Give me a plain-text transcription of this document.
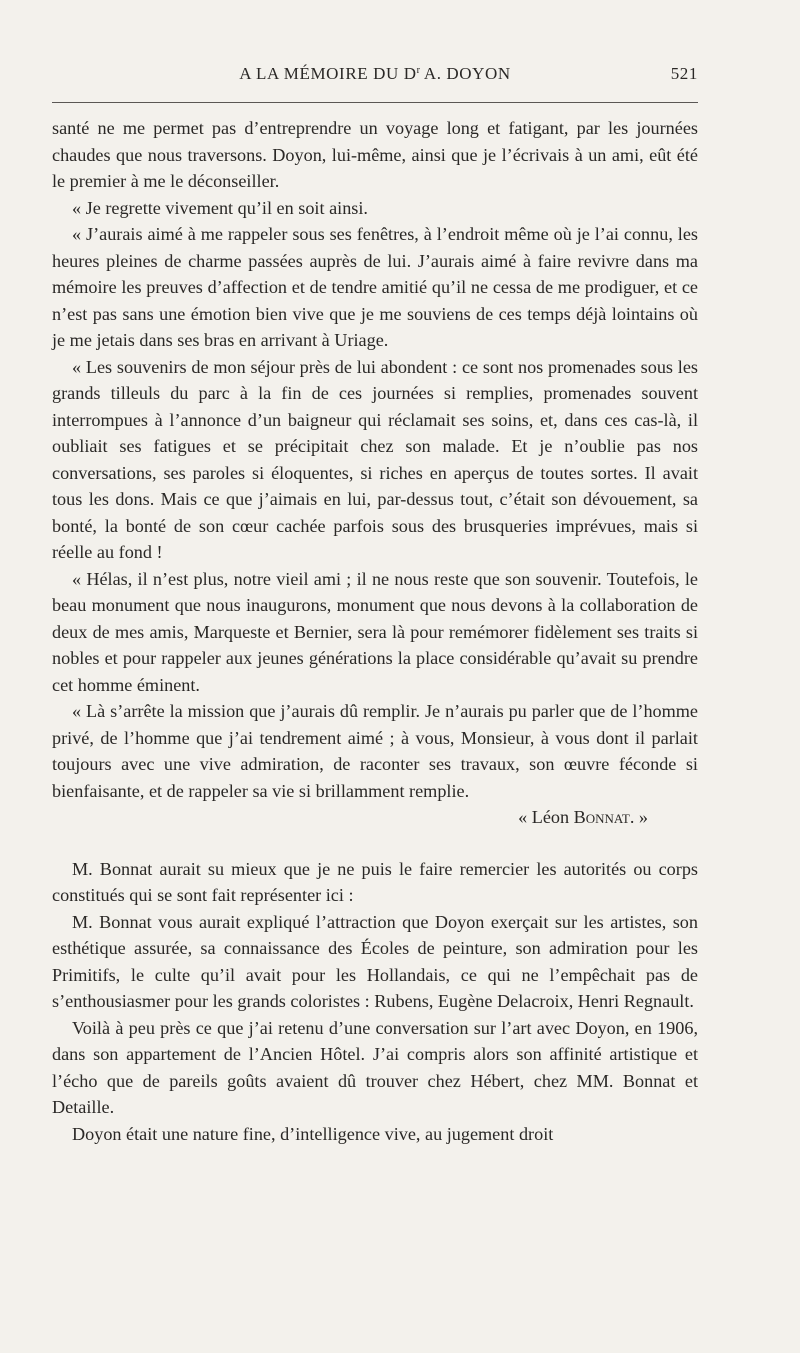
A LA MÉMOIRE DU $D^r$ A. DOYON	521

santé ne me permet pas d’entreprendre un voyage long et fatigant, par les journées chaudes que nous traversons. Doyon, lui-même, ainsi que je l’écrivais à un ami, eût été le premier à me le déconseiller.

« Je regrette vivement qu’il en soit ainsi.

« J’aurais aimé à me rappeler sous ses fenêtres, à l’endroit même où je l’ai connu, les heures pleines de charme passées auprès de lui. J’aurais aimé à faire revivre dans ma mémoire les preuves d’affection et de tendre amitié qu’il ne cessa de me prodiguer, et ce n’est pas sans une émotion bien vive que je me souviens de ces temps déjà lointains où je me jetais dans ses bras en arrivant à Uriage.

« Les souvenirs de mon séjour près de lui abondent : ce sont nos promenades sous les grands tilleuls du parc à la fin de ces journées si remplies, promenades souvent interrompues à l’annonce d’un baigneur qui réclamait ses soins, et, dans ces cas-là, il oubliait ses fatigues et se précipitait chez son malade. Et je n’oublie pas nos conversations, ses paroles si éloquentes, si riches en aperçus de toutes sortes. Il avait tous les dons. Mais ce que j’aimais en lui, par-dessus tout, c’était son dévouement, sa bonté, la bonté de son cœur cachée parfois sous des brusqueries imprévues, mais si réelle au fond !

« Hélas, il n’est plus, notre vieil ami ; il ne nous reste que son souvenir. Toutefois, le beau monument que nous inaugurons, monument que nous devons à la collaboration de deux de mes amis, Marqueste et Bernier, sera là pour remémorer fidèlement ses traits si nobles et pour rappeler aux jeunes générations la place considérable qu’avait su prendre cet homme éminent.

« Là s’arrête la mission que j’aurais dû remplir. Je n’aurais pu parler que de l’homme privé, de l’homme que j’ai tendrement aimé ; à vous, Monsieur, à vous dont il parlait toujours avec une vive admiration, de raconter ses travaux, son œuvre féconde si bienfaisante, et de rappeler sa vie si brillamment remplie.

« Léon Bonnat. »

M. Bonnat aurait su mieux que je ne puis le faire remercier les autorités ou corps constitués qui se sont fait représenter ici :

M. Bonnat vous aurait expliqué l’attraction que Doyon exerçait sur les artistes, son esthétique assurée, sa connaissance des Écoles de peinture, son admiration pour les Primitifs, le culte qu’il avait pour les Hollandais, ce qui ne l’empêchait pas de s’enthousiasmer pour les grands coloristes : Rubens, Eugène Delacroix, Henri Regnault.

Voilà à peu près ce que j’ai retenu d’une conversation sur l’art avec Doyon, en 1906, dans son appartement de l’Ancien Hôtel. J’ai compris alors son affinité artistique et l’écho que de pareils goûts avaient dû trouver chez Hébert, chez MM. Bonnat et Detaille.

Doyon était une nature fine, d’intelligence vive, au jugement droit
